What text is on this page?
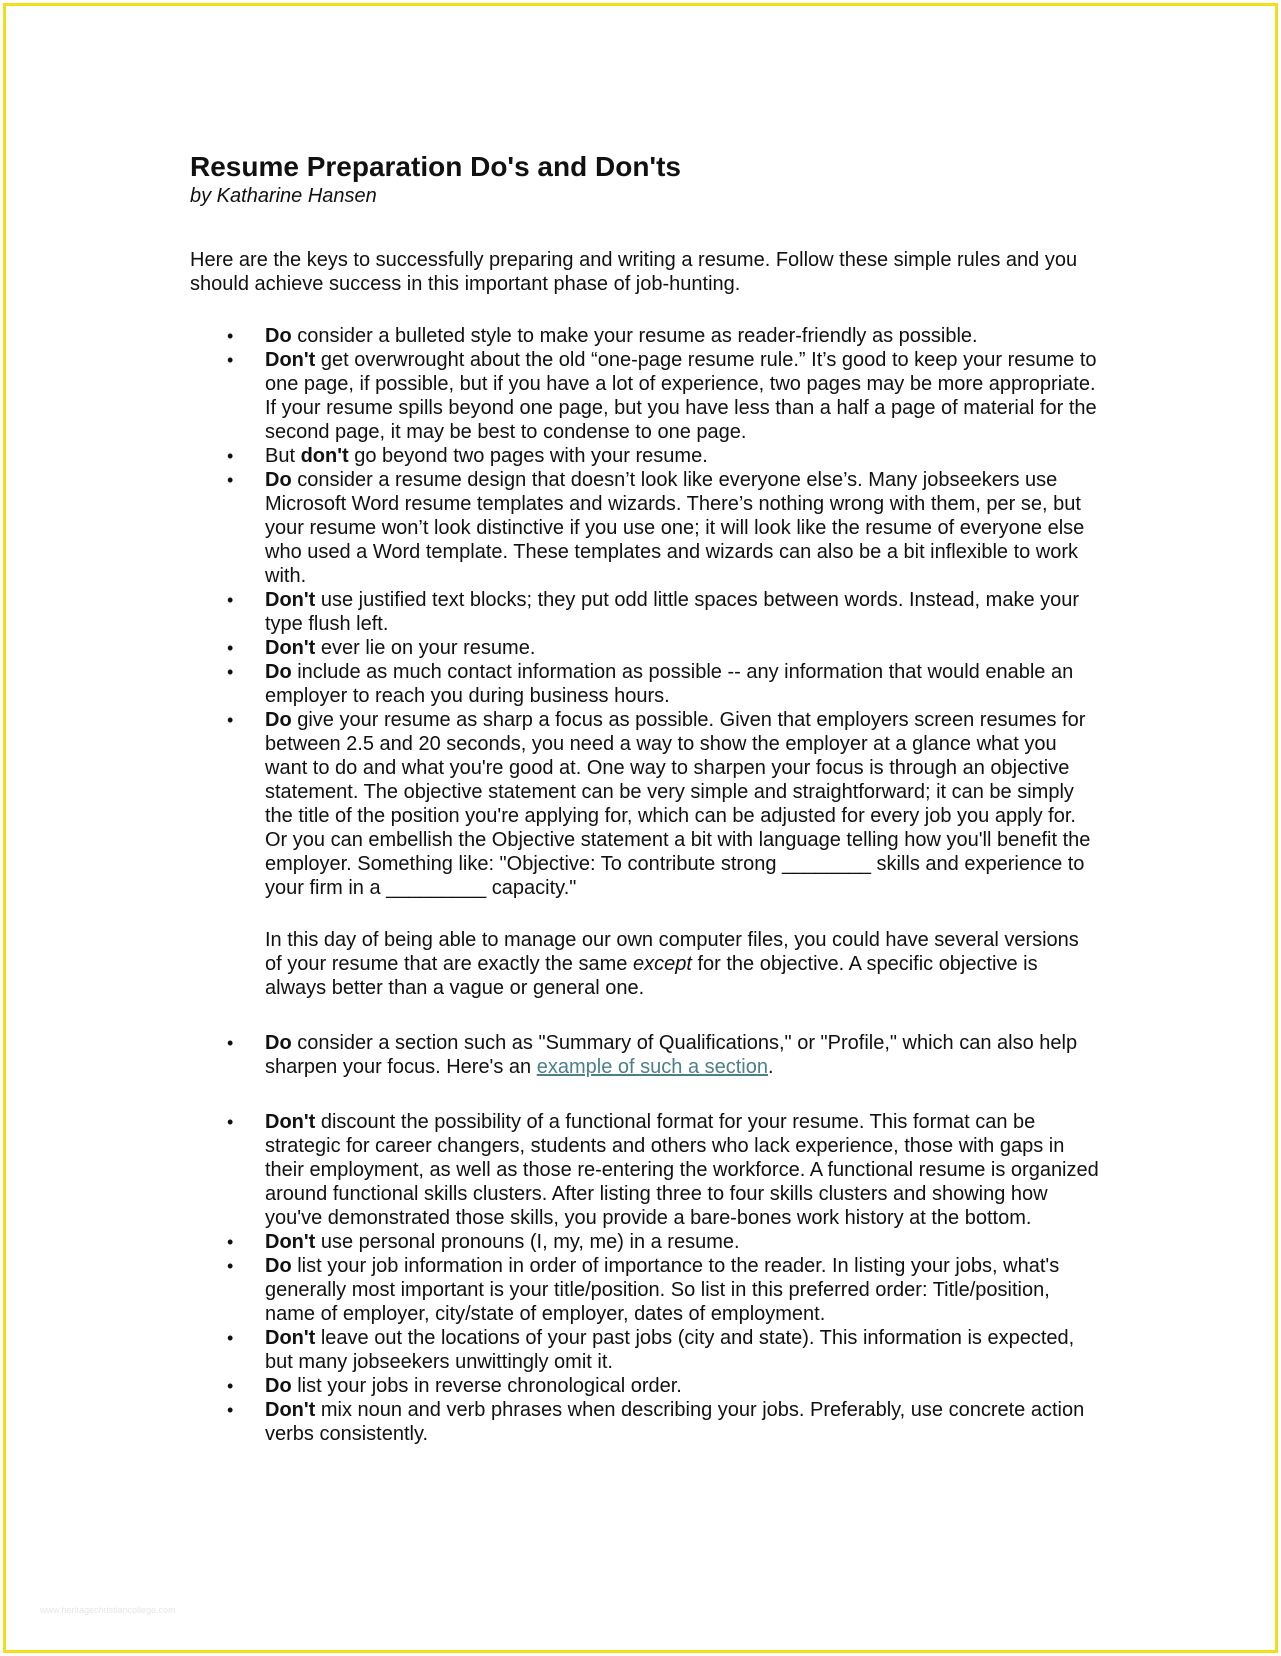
Resume Preparation Do's and Don'ts

by Katharine Hansen

Here are the keys to successfully preparing and writing a resume. Follow these simple rules and you should achieve success in this important phase of job-hunting.

• Do consider a bulleted style to make your resume as reader-friendly as possible.
• Don't get overwrought about the old “one-page resume rule.” It’s good to keep your resume to one page, if possible, but if you have a lot of experience, two pages may be more appropriate. If your resume spills beyond one page, but you have less than a half a page of material for the second page, it may be best to condense to one page.
• But don't go beyond two pages with your resume.
• Do consider a resume design that doesn’t look like everyone else’s. Many jobseekers use Microsoft Word resume templates and wizards. There’s nothing wrong with them, per se, but your resume won’t look distinctive if you use one; it will look like the resume of everyone else who used a Word template. These templates and wizards can also be a bit inflexible to work with.
• Don't use justified text blocks; they put odd little spaces between words. Instead, make your type flush left.
• Don't ever lie on your resume.
• Do include as much contact information as possible -- any information that would enable an employer to reach you during business hours.
• Do give your resume as sharp a focus as possible. Given that employers screen resumes for between 2.5 and 20 seconds, you need a way to show the employer at a glance what you want to do and what you're good at. One way to sharpen your focus is through an objective statement. The objective statement can be very simple and straightforward; it can be simply the title of the position you're applying for, which can be adjusted for every job you apply for. Or you can embellish the Objective statement a bit with language telling how you'll benefit the employer. Something like: "Objective: To contribute strong ________ skills and experience to your firm in a _________ capacity."

In this day of being able to manage our own computer files, you could have several versions of your resume that are exactly the same except for the objective. A specific objective is always better than a vague or general one.

• Do consider a section such as "Summary of Qualifications," or "Profile," which can also help sharpen your focus. Here's an example of such a section.
• Don't discount the possibility of a functional format for your resume. This format can be strategic for career changers, students and others who lack experience, those with gaps in their employment, as well as those re-entering the workforce. A functional resume is organized around functional skills clusters. After listing three to four skills clusters and showing how you've demonstrated those skills, you provide a bare-bones work history at the bottom.
• Don't use personal pronouns (I, my, me) in a resume.
• Do list your job information in order of importance to the reader. In listing your jobs, what's generally most important is your title/position. So list in this preferred order: Title/position, name of employer, city/state of employer, dates of employment.
• Don't leave out the locations of your past jobs (city and state). This information is expected, but many jobseekers unwittingly omit it.
• Do list your jobs in reverse chronological order.
• Don't mix noun and verb phrases when describing your jobs. Preferably, use concrete action verbs consistently.
www.heritagechristiancollege.com
